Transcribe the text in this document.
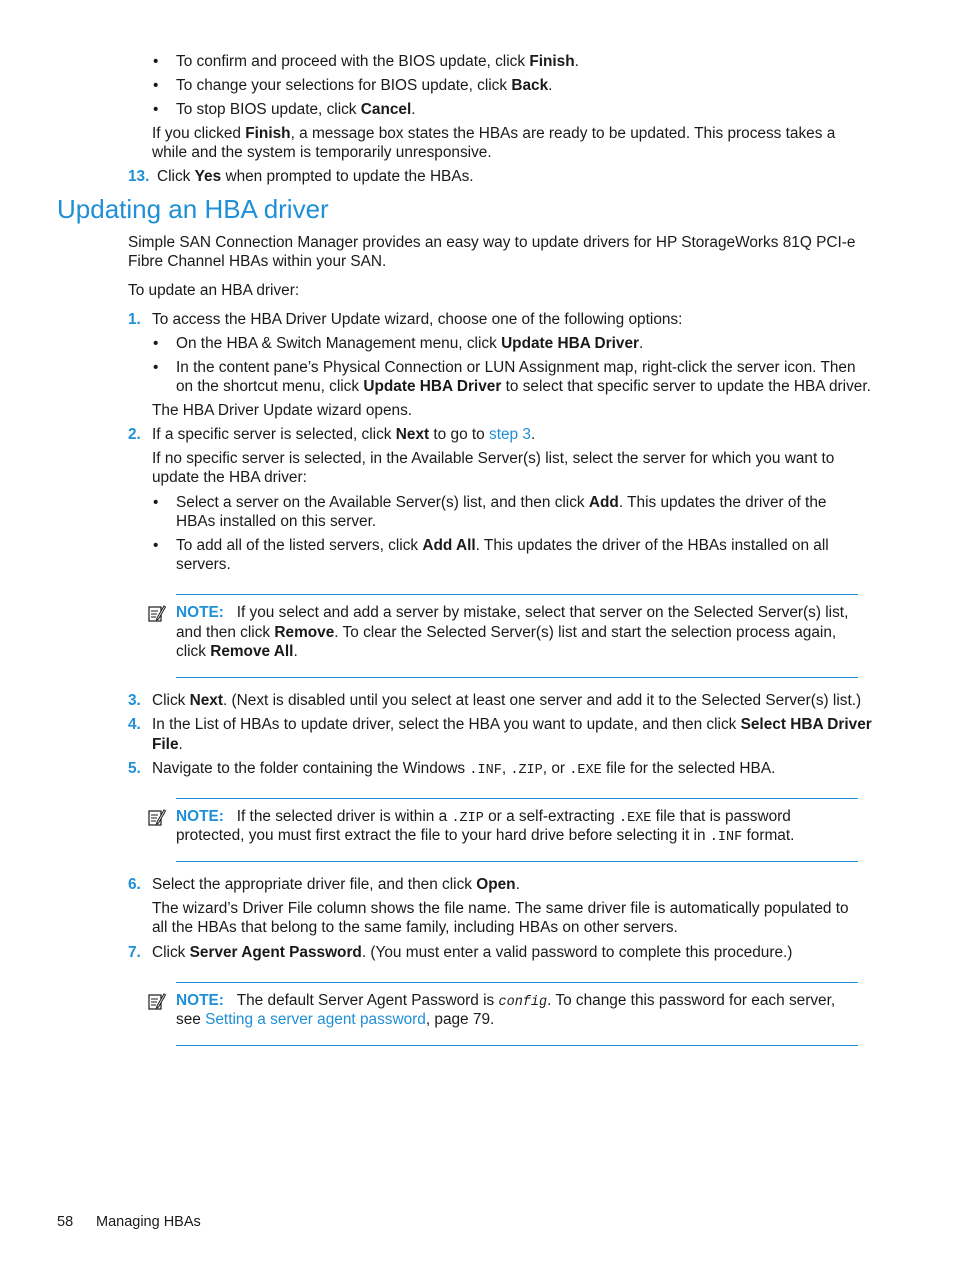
• To confirm and proceed with the BIOS update, click Finish.
• To change your selections for BIOS update, click Back.
• To stop BIOS update, click Cancel.
If you clicked Finish, a message box states the HBAs are ready to be updated. This process takes a
while and the system is temporarily unresponsive.
13. Click Yes when prompted to update the HBAs.
Updating an HBA driver
Simple SAN Connection Manager provides an easy way to update drivers for HP StorageWorks 81Q PCI-e
Fibre Channel HBAs within your SAN.
To update an HBA driver:
1. To access the HBA Driver Update wizard, choose one of the following options:
• On the HBA & Switch Management menu, click Update HBA Driver.
• In the content pane’s Physical Connection or LUN Assignment map, right-click the server icon. Then
on the shortcut menu, click Update HBA Driver to select that specific server to update the HBA driver.
The HBA Driver Update wizard opens.
2. If a specific server is selected, click Next to go to step 3.
If no specific server is selected, in the Available Server(s) list, select the server for which you want to
update the HBA driver:
• Select a server on the Available Server(s) list, and then click Add. This updates the driver of the
HBAs installed on this server.
• To add all of the listed servers, click Add All. This updates the driver of the HBAs installed on all
servers.
NOTE: If you select and add a server by mistake, select that server on the Selected Server(s) list,
and then click Remove. To clear the Selected Server(s) list and start the selection process again,
click Remove All.
3. Click Next. (Next is disabled until you select at least one server and add it to the Selected Server(s) list.)
4. In the List of HBAs to update driver, select the HBA you want to update, and then click Select HBA Driver
File.
5. Navigate to the folder containing the Windows .INF, .ZIP, or .EXE file for the selected HBA.
NOTE: If the selected driver is within a .ZIP or a self-extracting .EXE file that is password
protected, you must first extract the file to your hard drive before selecting it in .INF format.
6. Select the appropriate driver file, and then click Open.
The wizard’s Driver File column shows the file name. The same driver file is automatically populated to
all the HBAs that belong to the same family, including HBAs on other servers.
7. Click Server Agent Password. (You must enter a valid password to complete this procedure.)
NOTE: The default Server Agent Password is config. To change this password for each server,
see Setting a server agent password, page 79.
58 Managing HBAs
